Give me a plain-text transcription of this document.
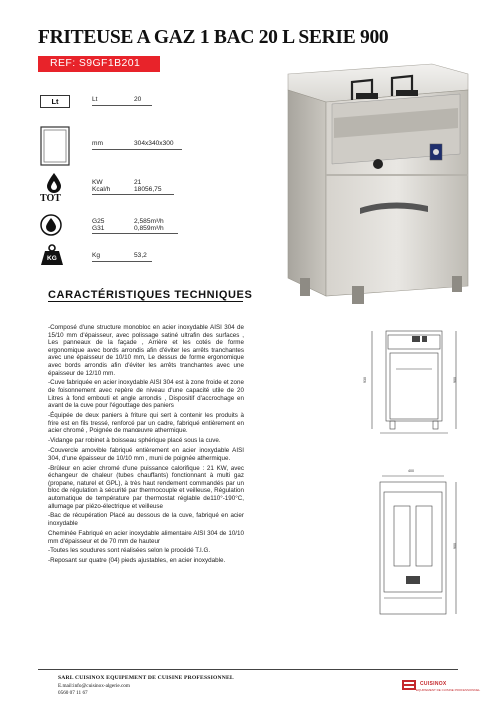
FRITEUSE A GAZ 1 BAC 20 L SERIE 900
REF: S9GF1B201
Lt	Lt	20
mm	304x340x300
TOT
KW	21
Kcal/h	18056,75
G25	2,585m³/h
G31	0,859m³/h
KG	Kg	53,2
CARACTÉRISTIQUES TECHNIQUES

-Composé d'une structure monobloc en acier inoxydable AISI 304 de 15/10 mm d'épaisseur, avec polissage satiné ultrafin des surfaces , Les panneaux de la façade , Arrière et les cotés de forme ergonomique avec bords arrondis afin d'éviter les arrêts tranchantes avec une épaisseur de 10/10 mm, Le dessus de forme ergonomique avec bords arrondis afin d'éviter les arrêts tranchantes avec une épaisseur de 12/10 mm.

-Cuve fabriquée en acier inoxydable AISI 304 est à zone froide et zone de foisonnement avec repère de niveau d'une capacité utile de 20 Litres à fond embouti et angle arrondis , Dispositif d'accrochage en avant de la cuve pour l'égouttage des paniers

-Équipée de deux paniers à friture qui sert à contenir les produits à frire est en fils tressé, renforcé par un cadre, fabriqué entièrement en acier chromé , Poignée de manœuvre athermique.

-Vidange par robinet à boisseau sphérique placé sous la cuve.

-Couvercle amovible fabriqué entièrement en acier inoxydable AISI 304, d'une épaisseur de 10/10 mm , muni de poignée athermique.

-Brûleur en acier chromé d'une puissance calorifique : 21 KW, avec échangeur de chaleur (tubes chauffants) fonctionnant à multi gaz (propane, naturel et GPL), à très haut rendement commandés par un bloc de régulation à sécurité par thermocouple et veilleuse, Régulation automatique de température par thermostat réglable de110°-190°C, allumage par piézo-électrique et veilleuse

-Bac de récupération Placé au dessous de la cuve, fabriqué en acier inoxydable

Cheminée Fabriqué en acier inoxydable alimentaire AISI 304 de 10/10 mm d'épaisseur et de 70 mm de hauteur

-Toutes les soudures sont réalisées selon le procédé T.I.G.

-Reposant sur quatre (04) pieds ajustables, en acier inoxydable.

930	900
400
900
SARL CUISINOX EQUIPEMENT DE CUISINE PROFESSIONNEL
E.mail:info@cuisinox-algerie.com
0560 07 11 67
CUISINOX
EQUIPEMENT DE CUISINE PROFESSIONNEL
